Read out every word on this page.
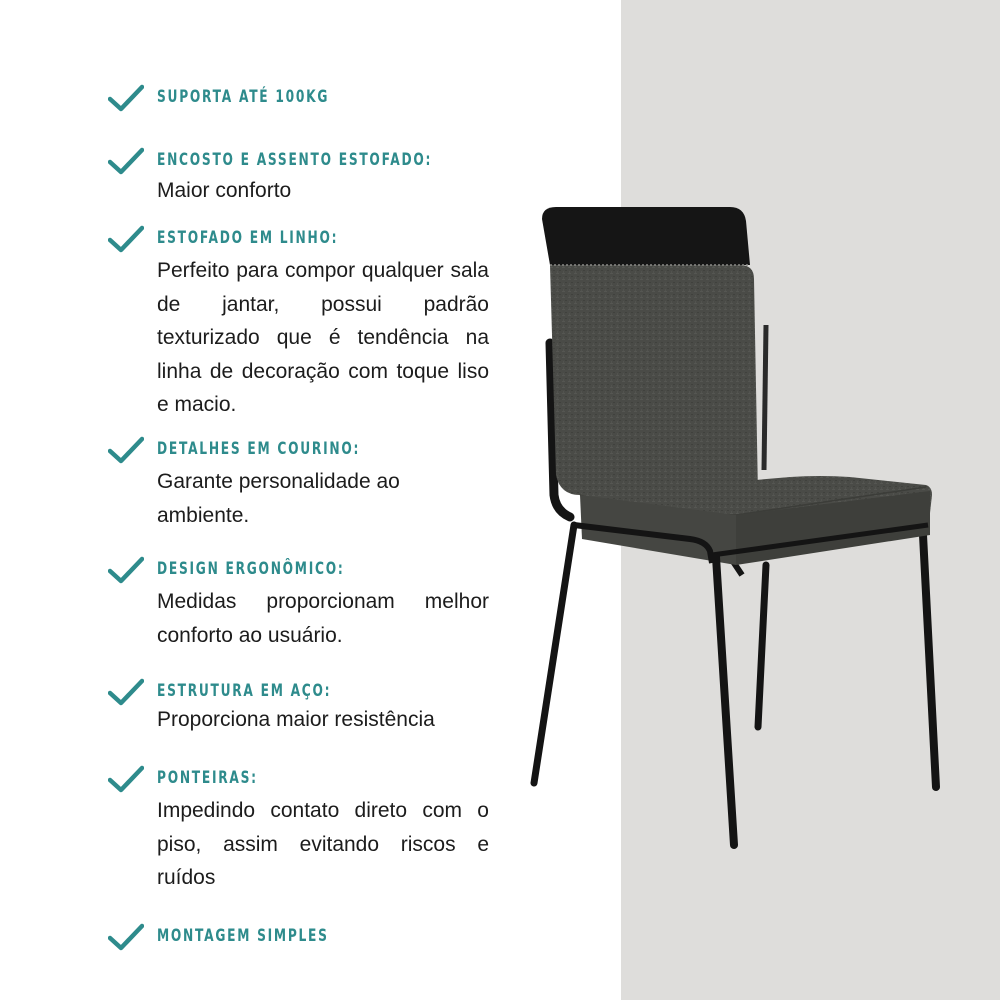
SUPORTA ATÉ 100KG
ENCOSTO E ASSENTO ESTOFADO:
Maior conforto
ESTOFADO EM LINHO:
Perfeito para compor qualquer sala de jantar, possui padrão texturizado que é tendência na linha de decoração com toque liso e macio.
DETALHES EM COURINO:
Garante personalidade ao ambiente.
DESIGN ERGONÔMICO:
Medidas proporcionam melhor conforto ao usuário.
ESTRUTURA EM AÇO:
Proporciona maior resistência
PONTEIRAS:
Impedindo contato direto com o piso, assim evitando riscos e ruídos
MONTAGEM SIMPLES
